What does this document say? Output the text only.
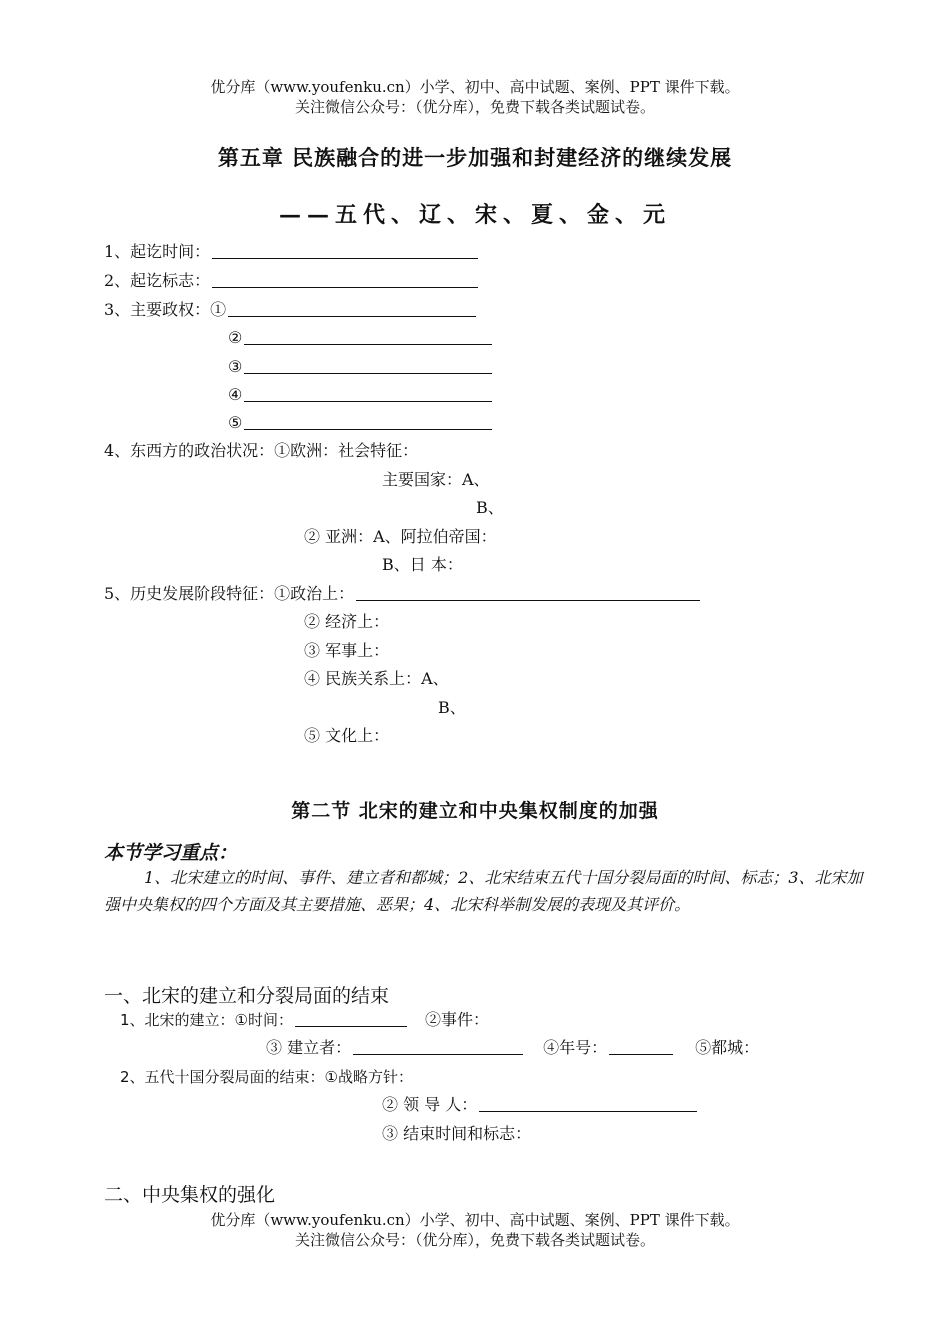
优分库（www.youfenku.cn）小学、初中、高中试题、案例、PPT 课件下载。
关注微信公众号：（优分库），免费下载各类试题试卷。
第五章 民族融合的进一步加强和封建经济的继续发展
——五代、辽、宋、夏、金、元
1、起讫时间：
2、起讫标志：
3、主要政权：①
②
③
④
⑤
4、东西方的政治状况：①欧洲：社会特征：
主要国家：A、
B、
② 亚洲：A、阿拉伯帝国：
B、日 本：
5、历史发展阶段特征：①政治上：
② 经济上：
③ 军事上：
④ 民族关系上：A、
B、
⑤ 文化上：
第二节 北宋的建立和中央集权制度的加强
本节学习重点：
1、北宋建立的时间、事件、建立者和都城；2、北宋结束五代十国分裂局面的时间、标志；3、北宋加强中央集权的四个方面及其主要措施、恶果；4、北宋科举制发展的表现及其评价。
一、北宋的建立和分裂局面的结束
1、北宋的建立：①时间：	②事件：
③ 建立者：	④年号：	⑤都城：
2、五代十国分裂局面的结束：①战略方针：
② 领 导 人：
③ 结束时间和标志：
二、中央集权的强化
优分库（www.youfenku.cn）小学、初中、高中试题、案例、PPT 课件下载。
关注微信公众号：（优分库），免费下载各类试题试卷。
